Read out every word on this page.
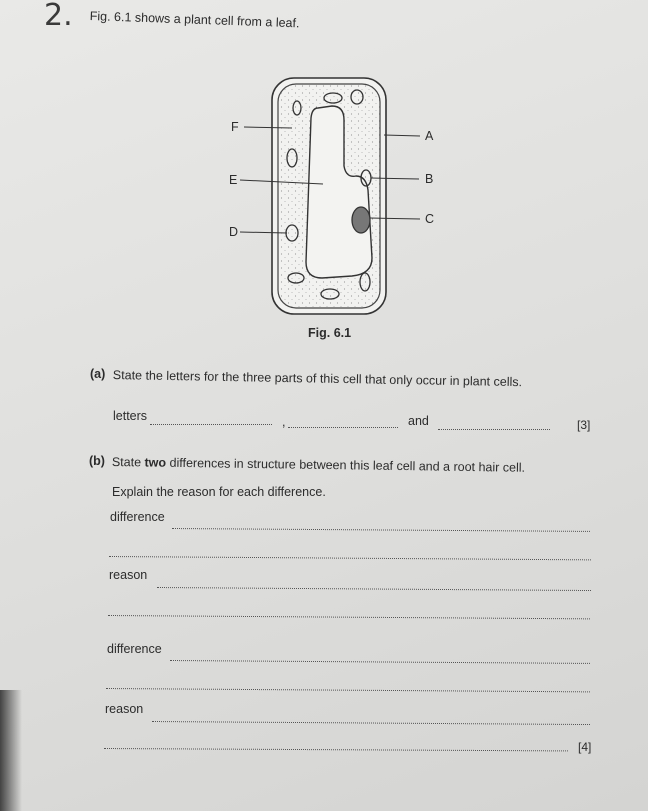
2. Fig. 6.1 shows a plant cell from a leaf.
F
E
D
A
B
C
Fig. 6.1
(a) State the letters for the three parts of this cell that only occur in plant cells.
letters	,	and	[3]
(b) State two differences in structure between this leaf cell and a root hair cell.
Explain the reason for each difference.
difference
reason
difference
reason
[4]
